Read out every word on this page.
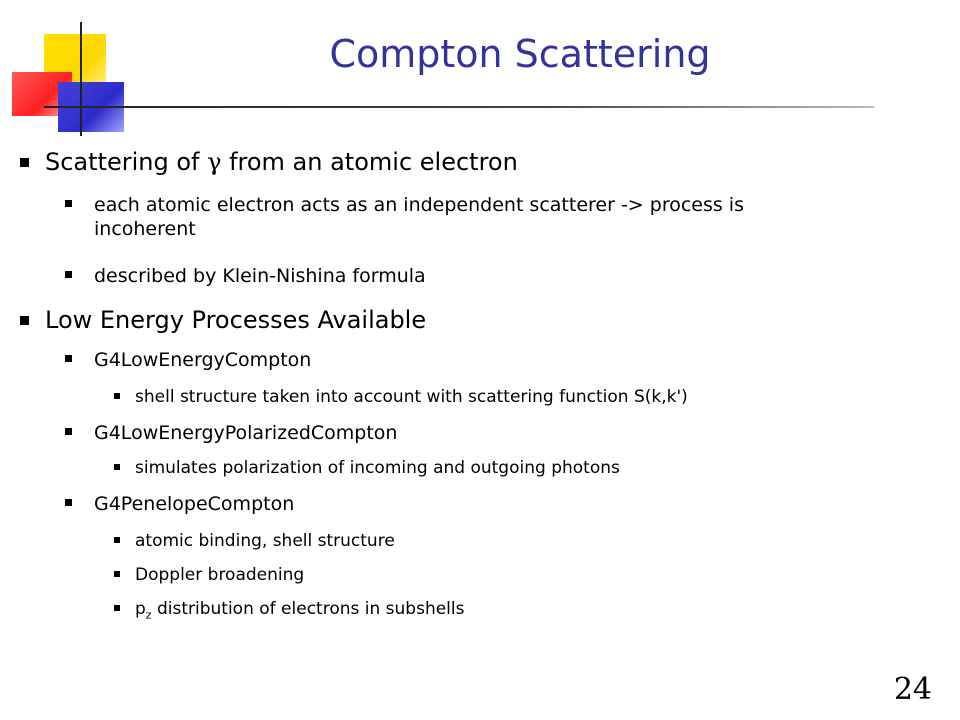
Compton Scattering
Scattering of γ from an atomic electron
each atomic electron acts as an independent scatterer -> process is
incoherent
described by Klein-Nishina formula
Low Energy Processes Available
G4LowEnergyCompton
shell structure taken into account with scattering function S(k,k')
G4LowEnergyPolarizedCompton
simulates polarization of incoming and outgoing photons
G4PenelopeCompton
atomic binding, shell structure
Doppler broadening
$p_z$ distribution of electrons in subshells
24
